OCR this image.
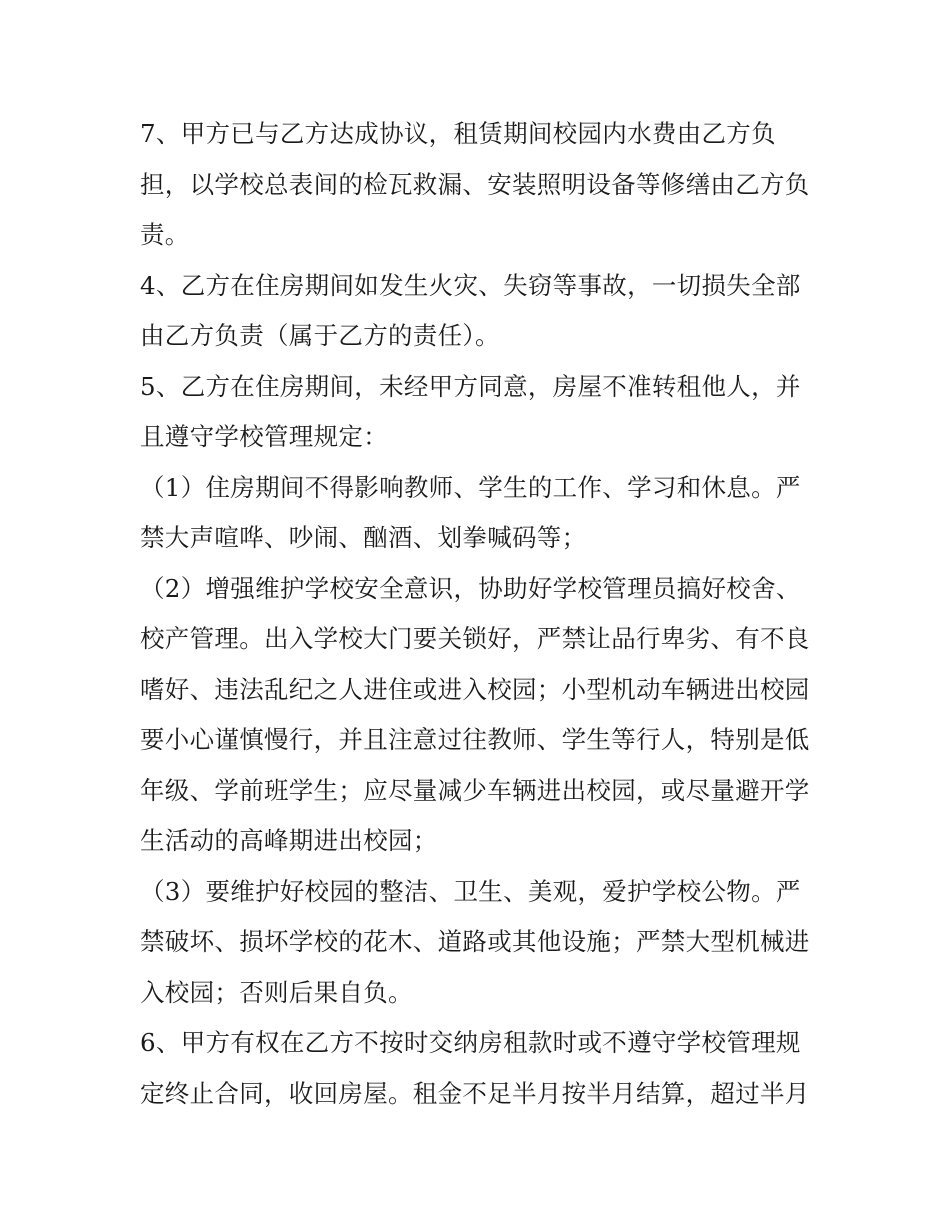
7、甲方已与乙方达成协议，租赁期间校园内水费由乙方负
担，以学校总表间的检瓦救漏、安装照明设备等修缮由乙方负
责。

4、乙方在住房期间如发生火灾、失窃等事故，一切损失全部
由乙方负责（属于乙方的责任）。

5、乙方在住房期间，未经甲方同意，房屋不准转租他人，并
且遵守学校管理规定：

（1）住房期间不得影响教师、学生的工作、学习和休息。严
禁大声喧哗、吵闹、酗酒、划拳喊码等；

（2）增强维护学校安全意识，协助好学校管理员搞好校舍、
校产管理。出入学校大门要关锁好，严禁让品行卑劣、有不良
嗜好、违法乱纪之人进住或进入校园；小型机动车辆进出校园
要小心谨慎慢行，并且注意过往教师、学生等行人，特别是低
年级、学前班学生；应尽量减少车辆进出校园，或尽量避开学
生活动的高峰期进出校园；

（3）要维护好校园的整洁、卫生、美观，爱护学校公物。严
禁破坏、损坏学校的花木、道路或其他设施；严禁大型机械进
入校园；否则后果自负。

6、甲方有权在乙方不按时交纳房租款时或不遵守学校管理规
定终止合同，收回房屋。租金不足半月按半月结算，超过半月
